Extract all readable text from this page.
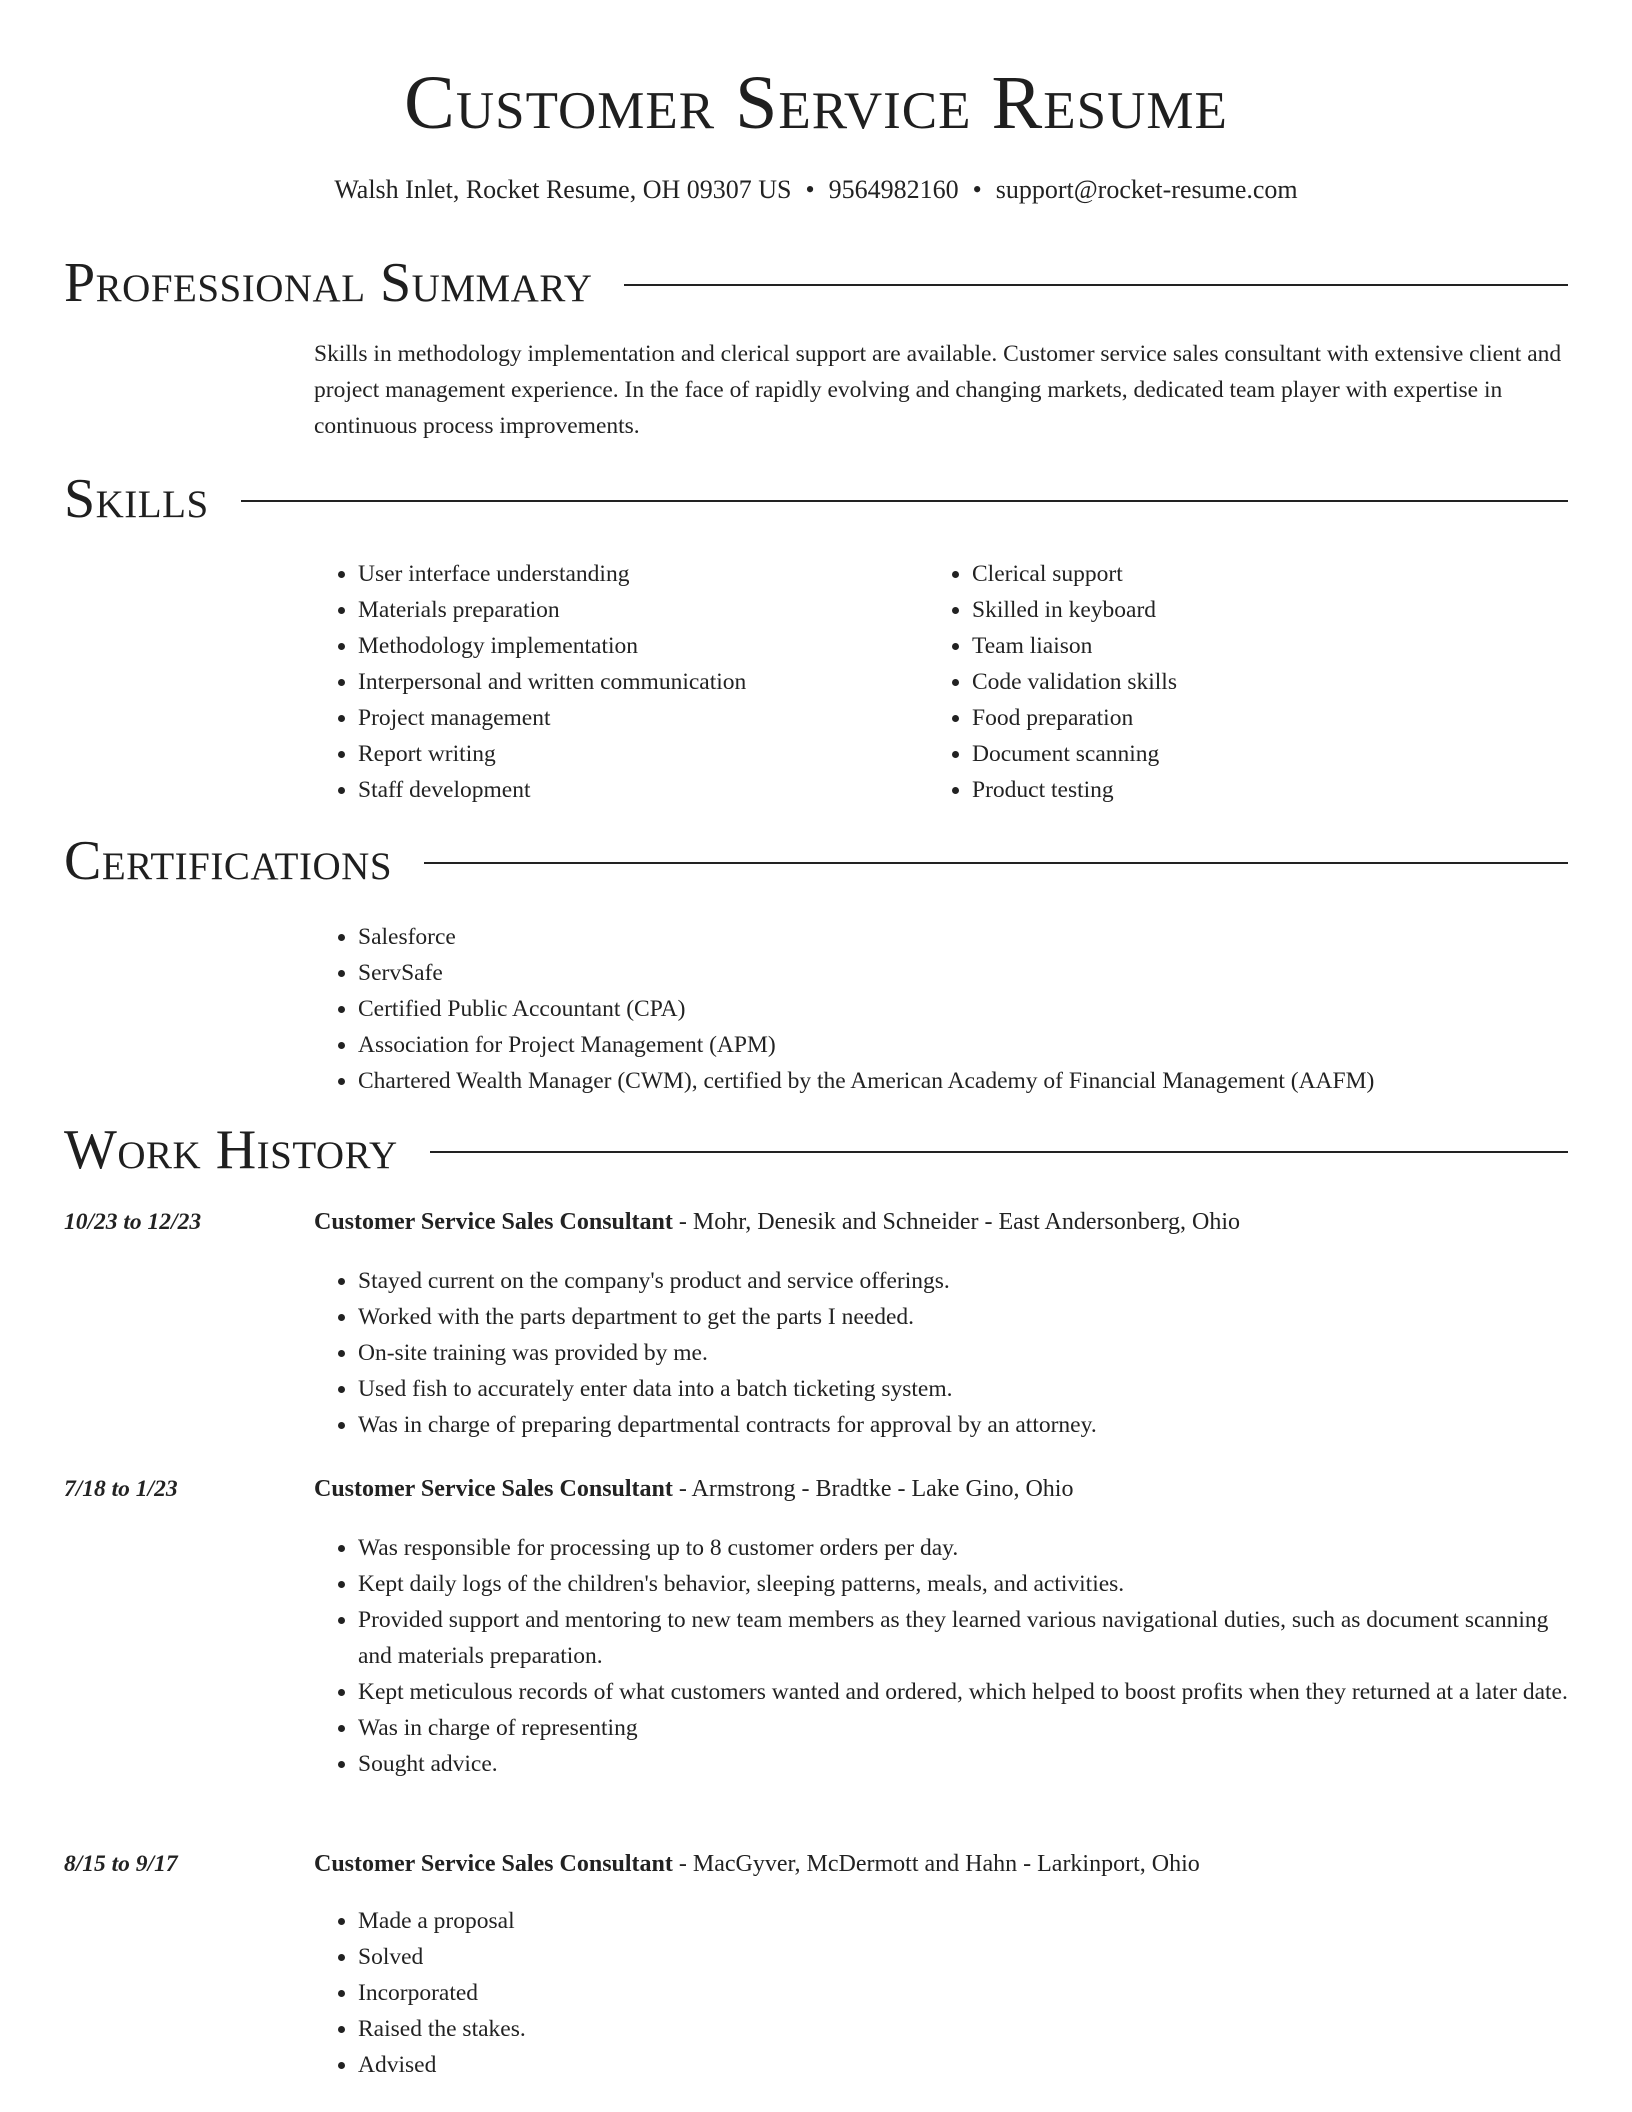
Customer Service Resume
Walsh Inlet, Rocket Resume, OH 09307 US • 9564982160 • support@rocket-resume.com
Professional Summary
Skills in methodology implementation and clerical support are available. Customer service sales consultant with extensive client and project management experience. In the face of rapidly evolving and changing markets, dedicated team player with expertise in continuous process improvements.
Skills
• User interface understanding
• Materials preparation
• Methodology implementation
• Interpersonal and written communication
• Project management
• Report writing
• Staff development
• Clerical support
• Skilled in keyboard
• Team liaison
• Code validation skills
• Food preparation
• Document scanning
• Product testing
Certifications
• Salesforce
• ServSafe
• Certified Public Accountant (CPA)
• Association for Project Management (APM)
• Chartered Wealth Manager (CWM), certified by the American Academy of Financial Management (AAFM)
Work History
10/23 to 12/23	Customer Service Sales Consultant - Mohr, Denesik and Schneider - East Andersonberg, Ohio
• Stayed current on the company's product and service offerings.
• Worked with the parts department to get the parts I needed.
• On-site training was provided by me.
• Used fish to accurately enter data into a batch ticketing system.
• Was in charge of preparing departmental contracts for approval by an attorney.
7/18 to 1/23	Customer Service Sales Consultant - Armstrong - Bradtke - Lake Gino, Ohio
• Was responsible for processing up to 8 customer orders per day.
• Kept daily logs of the children's behavior, sleeping patterns, meals, and activities.
• Provided support and mentoring to new team members as they learned various navigational duties, such as document scanning and materials preparation.
• Kept meticulous records of what customers wanted and ordered, which helped to boost profits when they returned at a later date.
• Was in charge of representing
• Sought advice.
8/15 to 9/17	Customer Service Sales Consultant - MacGyver, McDermott and Hahn - Larkinport, Ohio
• Made a proposal
• Solved
• Incorporated
• Raised the stakes.
• Advised
